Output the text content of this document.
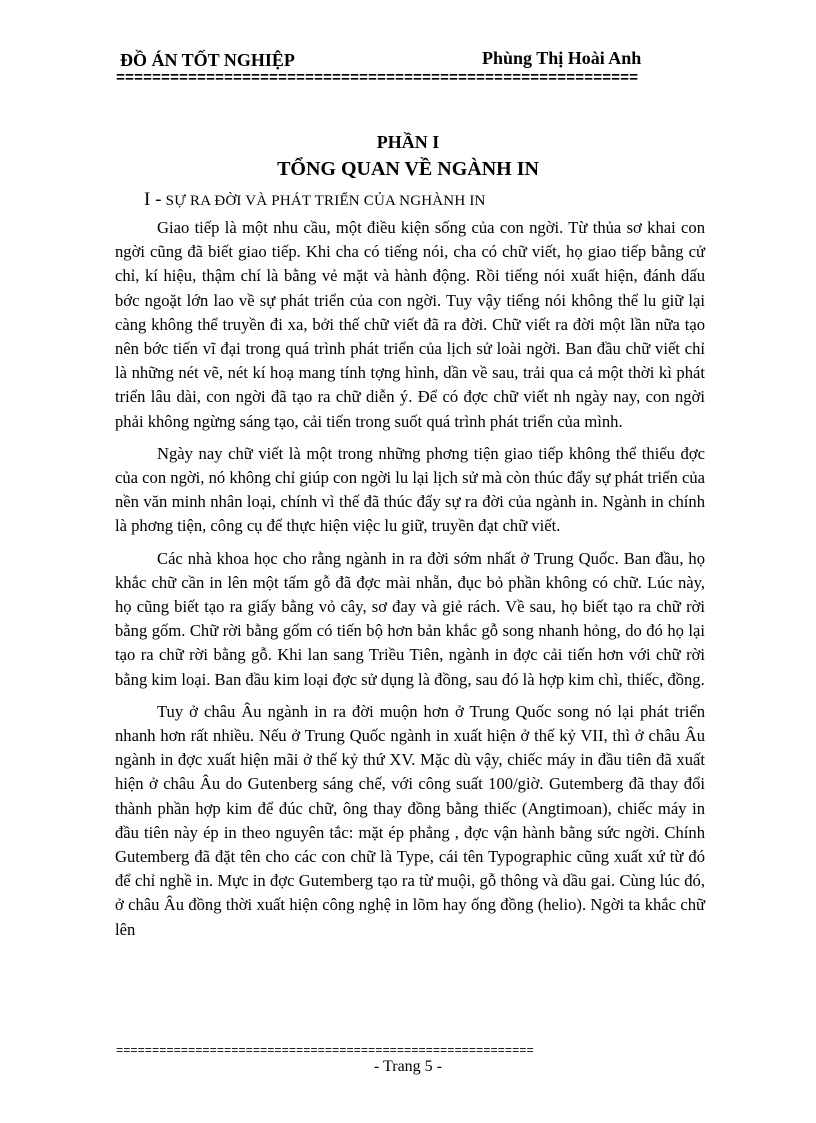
ĐỒ ÁN TỐT NGHIỆP	Phùng Thị Hoài Anh
==========================================================
PHẦN I
TỔNG QUAN VỀ NGÀNH IN
I - SỰ RA ĐỜI VÀ PHÁT TRIỂN CỦA NGHÀNH IN

Giao tiếp là một nhu cầu, một điều kiện sống của con ngời. Từ thủa sơ khai con ngời cũng đã biết giao tiếp. Khi cha có tiếng nói, cha có chữ viết, họ giao tiếp bằng cử chỉ, kí hiệu, thậm chí là bằng vẻ mặt và hành động. Rồi tiếng nói xuất hiện, đánh dấu bớc ngoặt lớn lao về sự phát triển của con ngời. Tuy vậy tiếng nói không thể lu giữ lại càng không thể truyền đi xa, bởi thế chữ viết đã ra đời. Chữ viết ra đời một lần nữa tạo nên bớc tiến vĩ đại trong quá trình phát triển của lịch sử loài ngời. Ban đầu chữ viết chỉ là những nét vẽ, nét kí hoạ mang tính tợng hình, dần về sau, trải qua cả một thời kì phát triển lâu dài, con ngời đã tạo ra chữ diễn ý. Để có đợc chữ viết nh ngày nay, con ngời phải không ngừng sáng tạo, cải tiến trong suốt quá trình phát triển của mình.

Ngày nay chữ viết là một trong những phơng tiện giao tiếp không thể thiếu đợc của con ngời, nó không chỉ giúp con ngời lu lại lịch sử mà còn thúc đẩy sự phát triển của nền văn minh nhân loại, chính vì thế đã thúc đẩy sự ra đời của ngành in. Ngành in chính là phơng tiện, công cụ để thực hiện việc lu giữ, truyền đạt chữ viết.

Các nhà khoa học cho rằng ngành in ra đời sớm nhất ở Trung Quốc. Ban đầu, họ khắc chữ cần in lên một tấm gỗ đã đợc mài nhẵn, đục bỏ phần không có chữ. Lúc này, họ cũng biết tạo ra giấy bằng vỏ cây, sơ đay và giẻ rách. Về sau, họ biết tạo ra chữ rời bằng gốm. Chữ rời bằng gốm có tiến bộ hơn bản khắc gỗ song nhanh hỏng, do đó họ lại tạo ra chữ rời bằng gỗ. Khi lan sang Triều Tiên, ngành in đợc cải tiến hơn với chữ rời bằng kim loại. Ban đầu kim loại đợc sử dụng là đồng, sau đó là hợp kim chì, thiếc, đồng.

Tuy ở châu Âu ngành in ra đời muộn hơn ở Trung Quốc song nó lại phát triển nhanh hơn rất nhiều. Nếu ở Trung Quốc ngành in xuất hiện ở thế kỷ VII, thì ở châu Âu ngành in đợc xuất hiện mãi ở thế kỷ thứ XV. Mặc dù vậy, chiếc máy in đầu tiên đã xuất hiện ở châu Âu do Gutenberg sáng chế, với công suất 100/giờ. Gutemberg đã thay đổi thành phần hợp kim để đúc chữ, ông thay đồng bằng thiếc (Angtimoan), chiếc máy in đầu tiên này ép in theo nguyên tắc: mặt ép phẳng , đợc vận hành bằng sức ngời. Chính Gutemberg đã đặt tên cho các con chữ là Type, cái tên Typographic cũng xuất xứ từ đó để chỉ nghề in. Mực in đợc Gutemberg tạo ra từ muội, gỗ thông và dầu gai. Cùng lúc đó, ở châu Âu đồng thời xuất hiện công nghệ in lõm hay ống đồng (helio). Ngời ta khắc chữ lên

==========================================================
- Trang 5 -
